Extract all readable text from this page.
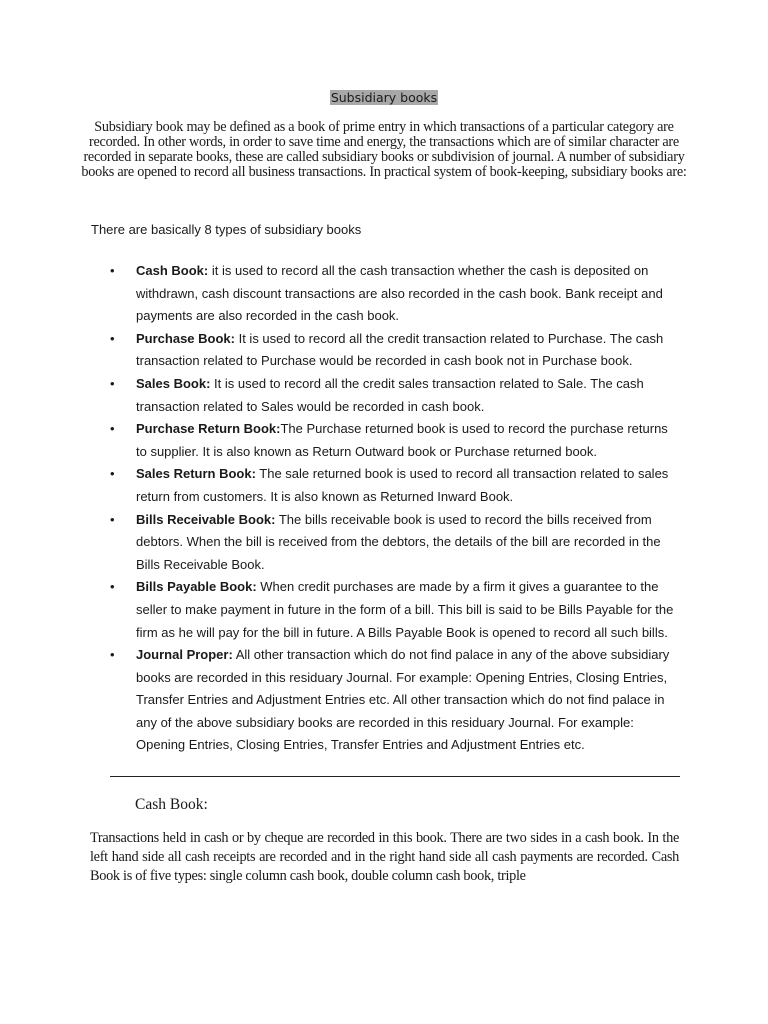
Subsidiary books

Subsidiary book may be defined as a book of prime entry in which transactions of a particular category are recorded. In other words, in order to save time and energy, the transactions which are of similar character are recorded in separate books, these are called subsidiary books or subdivision of journal. A number of subsidiary books are opened to record all business transactions. In practical system of book-keeping, subsidiary books are:

There are basically 8 types of subsidiary books

•	Cash Book: it is used to record all the cash transaction whether the cash is deposited on withdrawn, cash discount transactions are also recorded in the cash book. Bank receipt and payments are also recorded in the cash book.
•	Purchase Book: It is used to record all the credit transaction related to Purchase. The cash transaction related to Purchase would be recorded in cash book not in Purchase book.
•	Sales Book: It is used to record all the credit sales transaction related to Sale. The cash transaction related to Sales would be recorded in cash book.
•	Purchase Return Book:The Purchase returned book is used to record the purchase returns to supplier. It is also known as Return Outward book or Purchase returned book.
•	Sales Return Book: The sale returned book is used to record all transaction related to sales return from customers. It is also known as Returned Inward Book.
•	Bills Receivable Book: The bills receivable book is used to record the bills received from debtors. When the bill is received from the debtors, the details of the bill are recorded in the Bills Receivable Book.
•	Bills Payable Book: When credit purchases are made by a firm it gives a guarantee to the seller to make payment in future in the form of a bill. This bill is said to be Bills Payable for the firm as he will pay for the bill in future. A Bills Payable Book is opened to record all such bills.
•	Journal Proper: All other transaction which do not find palace in any of the above subsidiary books are recorded in this residuary Journal. For example: Opening Entries, Closing Entries, Transfer Entries and Adjustment Entries etc. All other transaction which do not find palace in any of the above subsidiary books are recorded in this residuary Journal. For example: Opening Entries, Closing Entries, Transfer Entries and Adjustment Entries etc.
Cash Book:

Transactions held in cash or by cheque are recorded in this book. There are two sides in a cash book. In the left hand side all cash receipts are recorded and in the right hand side all cash payments are recorded. Cash Book is of five types: single column cash book, double column cash book, triple
